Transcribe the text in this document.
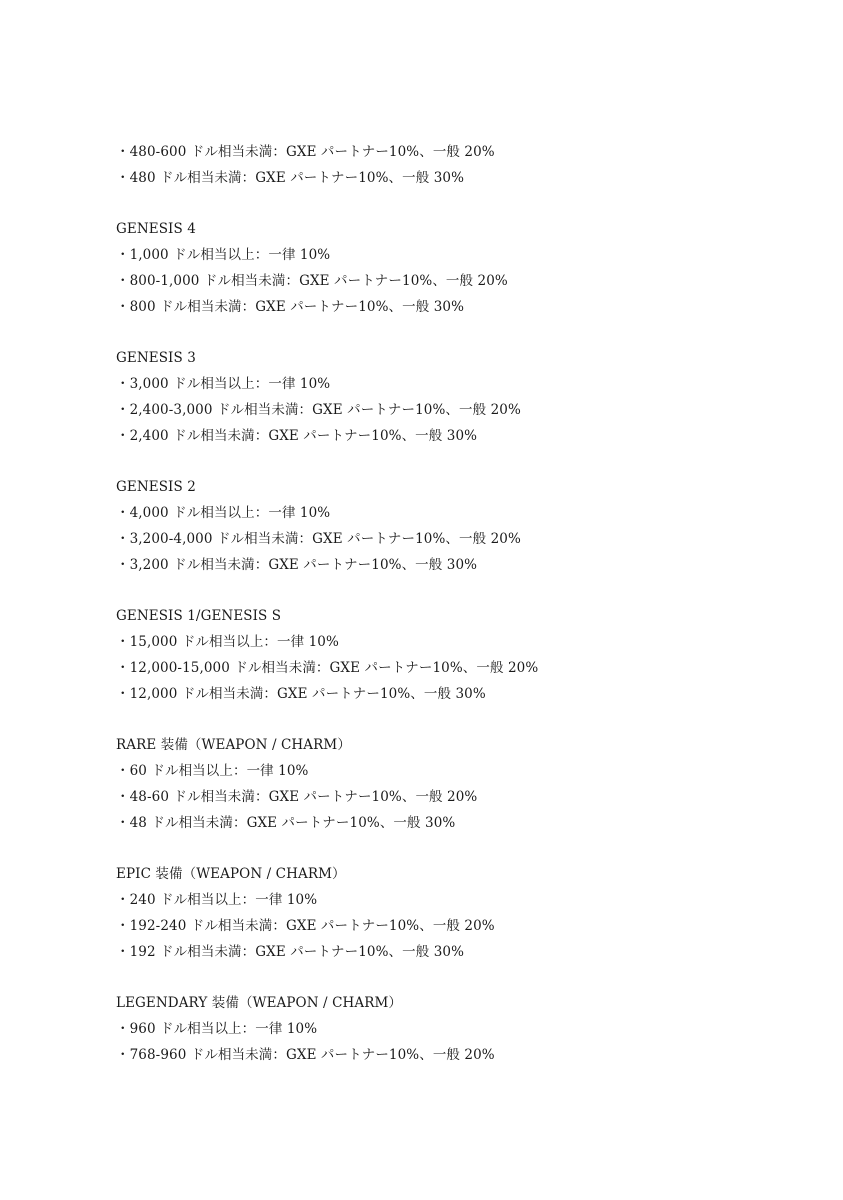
・480-600 ドル相当未満：GXE パートナー10%、一般 20%
・480 ドル相当未満：GXE パートナー10%、一般 30%
GENESIS 4
・1,000 ドル相当以上：一律 10%
・800-1,000 ドル相当未満：GXE パートナー10%、一般 20%
・800 ドル相当未満：GXE パートナー10%、一般 30%
GENESIS 3
・3,000 ドル相当以上：一律 10%
・2,400-3,000 ドル相当未満：GXE パートナー10%、一般 20%
・2,400 ドル相当未満：GXE パートナー10%、一般 30%
GENESIS 2
・4,000 ドル相当以上：一律 10%
・3,200-4,000 ドル相当未満：GXE パートナー10%、一般 20%
・3,200 ドル相当未満：GXE パートナー10%、一般 30%
GENESIS 1/GENESIS S
・15,000 ドル相当以上：一律 10%
・12,000-15,000 ドル相当未満：GXE パートナー10%、一般 20%
・12,000 ドル相当未満：GXE パートナー10%、一般 30%
RARE 装備（WEAPON / CHARM）
・60 ドル相当以上：一律 10%
・48-60 ドル相当未満：GXE パートナー10%、一般 20%
・48 ドル相当未満：GXE パートナー10%、一般 30%
EPIC 装備（WEAPON / CHARM）
・240 ドル相当以上：一律 10%
・192-240 ドル相当未満：GXE パートナー10%、一般 20%
・192 ドル相当未満：GXE パートナー10%、一般 30%
LEGENDARY 装備（WEAPON / CHARM）
・960 ドル相当以上：一律 10%
・768-960 ドル相当未満：GXE パートナー10%、一般 20%
